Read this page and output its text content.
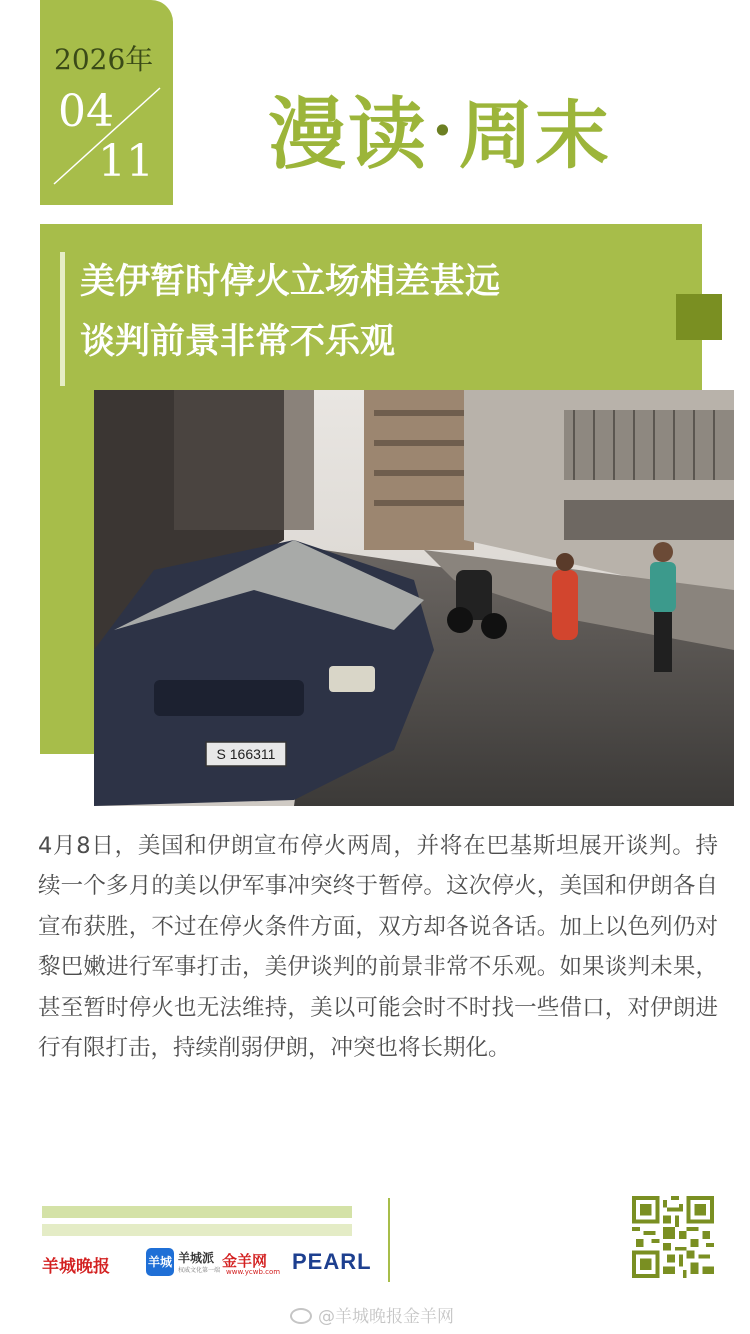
2026年
04
11 漫读·周末
美伊暂时停火立场相差甚远
谈判前景非常不乐观
S 166311
4月8日，美国和伊朗宣布停火两周，并将在巴基斯坦展开谈判。持续一个多月的美以伊军事冲突终于暂停。这次停火，美国和伊朗各自宣布获胜，不过在停火条件方面，双方却各说各话。加上以色列仍对黎巴嫩进行军事打击，美伊谈判的前景非常不乐观。如果谈判未果，甚至暂时停火也无法维持，美以可能会时不时找一些借口，对伊朗进行有限打击，持续削弱伊朗，冲突也将长期化。
羊城晚报	羊城 羊城派
权威文化第一端
金羊网
www.ycwb.com PEARL
@羊城晚报金羊网
